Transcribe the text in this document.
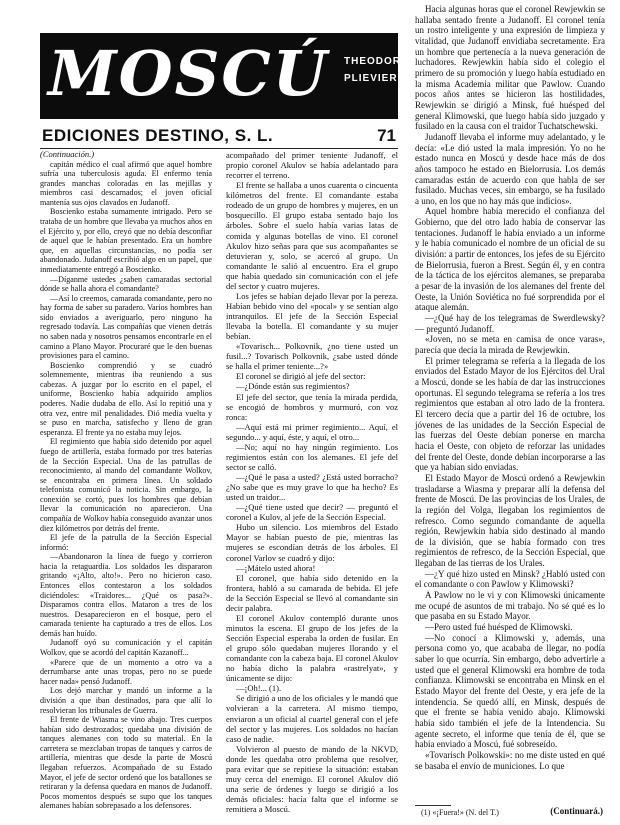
MOSCÚ THEODOR
PLIEVIER
EDICIONES DESTINO, S. L.	71

(Continuación.)

capitán médico el cual afirmó que aquel hombre sufría una tuberculosis aguda. El enfermo tenía grandes manchas coloradas en las mejillas y miembros casi descarnados; el joven oficial mantenía sus ojos clavados en Judanoff.

Boscienko estaba sumamente intrigado. Pero se trataba de un hombre que llevaba ya muchos años en el Ejército y, por ello, creyó que no debía desconfiar de aquel que le habían presentado. Era un hombre que, en aquellas circunstancias, no podía ser abandonado. Judanoff escribió algo en un papel, que inmediatamente entregó a Boscienko.

—Díganme ustedes ¿saben camaradas sectorial dónde se halla ahora el comandante?

—Así lo creemos, camarada comandante, pero no hay forma de saber su paradero. Varios hombres han sido enviados a averiguarlo, pero ninguno ha regresado todavía. Las compañías que vienen detrás no saben nada y nosotros pensamos encontrarle en el camino a Plano Mayor. Procuraré que le den buenas provisiones para el camino.

Boscienko comprendió y se cuadró solemnemente, mientras iba reuniendo a sus cabezas. A juzgar por lo escrito en el papel, el uniforme, Boscienko había adquirido amplios poderes. Nadie dudaba de ello. Así lo repitió una y otra vez, entre mil penalidades. Dió media vuelta y se puso en marcha, satisfecho y lleno de gran esperanza. El frente ya no estaba muy lejos.

El regimiento que había sido detenido por aquel fuego de artillería, estaba formado por tres baterías de la Sección Especial. Una de las patrullas de reconocimiento, al mando del comandante Wolkov, se encontraba en primera línea. Un soldado telefonista comunicó la noticia. Sin embargo, la conexión se cortó, pues los hombres que debían llevar la comunicación no aparecieron. Una compañía de Wolkov había conseguido avanzar unos diez kilómetros por detrás del frente.

El jefe de la patrulla de la Sección Especial informó:

—Abandonaron la línea de fuego y corrieron hacia la retaguardia. Los soldados les dispararon gritando «¡Alto, alto!». Pero no hicieron caso. Entonces ellos contestaron a los soldados diciéndoles: «Traidores... ¿Qué os pasa?». Disparamos contra ellos. Mataron a tres de los nuestros. Desaparecieron en el bosque, pero el camarada teniente ha capturado a tres de ellos. Los demás han huído.

Judanoff oyó su comunicación y el capitán Wolkov, que se acordó del capitán Kazanoff...

«Parece que de un momento a otro va a derrumbarse ante unas tropas, pero no se puede hacer nada» pensó Judanoff.

Los dejó marchar y mandó un informe a la división a que iban destinados, para que allí lo resolvieran los tribunales de Guerra.

El frente de Wiasma se vino abajo. Tres cuerpos habían sido destrozados; quedaba una división de tanques alemanes con todo su material. En la carretera se mezclaban tropas de tanques y carros de artillería, mientras que desde la parte de Moscú llegaban refuerzos. Acompañado de su Estado Mayor, el jefe de sector ordenó que los batallones se retiraran y la defensa quedara en manos de Judanoff. Pocos momentos después se supo que los tanques alemanes habían sobrepasado a los defensores.

acompañado del primer teniente Judanoff, el propio coronel Akulov se había adelantado para recorrer el terreno.

El frente se hallaba a unos cuarenta o cincuenta kilómetros del frente. El comandante estaba rodeado de un grupo de hombres y mujeres, en un bosquecillo. El grupo estaba sentado bajo los árboles. Sobre el suelo había varias latas de comida y algunas botellas de vino. El coronel Akulov hizo señas para que sus acompañantes se detuvieran y, solo, se acercó al grupo. Un comandante le salió al encuentro. Era el grupo que había quedado sin comunicación con el jefe del sector y cuatro mujeres.

Los jefes se habían dejado llevar por la pereza. Habían bebido vino del «pocal» y se sentían algo intranquilos. El jefe de la Sección Especial llevaba la botella. El comandante y su mujer bebían.

«Tovarisch... Polkovnik, ¿no tiene usted un fusil...? Tovarisch Polkovnik, ¿sabe usted dónde se halla el primer teniente...?»

El coronel se dirigió al jefe del sector:

—¿Dónde están sus regimientos?

El jefe del sector, que tenía la mirada perdida, se encogió de hombros y murmuró, con voz ronca:

—Aquí está mi primer regimiento... Aquí, el segundo... y aquí, éste, y aquí, el otro...

—No; aquí no hay ningún regimiento. Los regimientos están con los alemanes. El jefe del sector se calló.

—¿Qué le pasa a usted? ¿Está usted borracho? ¿No sabe que es muy grave lo que ha hecho? Es usted un traidor...

—¿Qué tiene usted que decir? — preguntó el coronel a Kulov, al jefe de la Sección Especial.

Hubo un silencio. Los miembros del Estado Mayor se habían puesto de pie, mientras las mujeres se escondían detrás de los árboles. El coronel Varlov se cuadró y dijo:

—¡Mátelo usted ahora!

El coronel, que había sido detenido en la frontera, habló a su camarada de bebida. El jefe de la Sección Especial se llevó al comandante sin decir palabra.

El coronel Akulov contempló durante unos minutos la escena. El grupo de los jefes de la Sección Especial esperaba la orden de fusilar. En el grupo sólo quedaban mujeres llorando y el comandante con la cabeza baja. El coronel Akulov no había dicho la palabra «rastrelyat», y únicamente se dijo:

—¡Oh!... (1).

Se dirigió a uno de los oficiales y le mandó que volvieran a la carretera. Al mismo tiempo, enviaron a un oficial al cuartel general con el jefe del sector y las mujeres. Los soldados no hacían caso de nadie.

Volvieron al puesto de mando de la NKVD, donde les quedaba otro problema que resolver, para evitar que se repitiese la situación: estaban muy cerca del enemigo. El coronel Akulov dió una serie de órdenes y luego se dirigió a los demás oficiales: hacía falta que el informe se remitiera a Moscú.

Hacia algunas horas que el coronel Rewjewkin se hallaba sentado frente a Judanoff. El coronel tenía un rostro inteligente y una expresión de limpieza y vitalidad, que Judanoff envidiaba secretamente. Era un hombre que pertenecía a la nueva generación de luchadores. Rewjewkin había sido el colegio el primero de su promoción y luego había estudiado en la misma Academia militar que Pawlow. Cuando pocos años antes se hicieron las hostilidades, Rewjewkin se dirigió a Minsk, fué huésped del general Klimowski, que luego había sido juzgado y fusilado en la causa con el traidor Tuchatschewski.

Judanoff llevaba el informe muy adelantado, y le decía: «Le dió usted la mala impresión. Yo no he estado nunca en Moscú y desde hace más de dos años tampoco he estado en Bielorrusia. Los demás camaradas están de acuerdo con que habla de ser fusilado. Muchas veces, sin embargo, se ha fusilado a uno, en los que no hay más que indicios».

Aquel hombre había merecido el confianza del Gobierno, que del otro lado había de conservar las tentaciones. Judanoff le había enviado a un informe y le había comunicado el nombre de un oficial de su división: a partir de entonces, los jefes de su Ejército de Bielorrusia, fueron a Brest. Según él, y en contra de la táctica de los ejércitos alemanes, se preparaba a pesar de la invasión de los alemanes del frente del Oeste, la Unión Soviética no fué sorprendida por el ataque alemán.

—¿Qué hay de los telegramas de Swerdlewsky? — preguntó Judanoff.

«Joven, no se meta en camisa de once varas», parecía que decía la mirada de Rewjewkin.

El primer telegrama se refería a la llegada de los enviados del Estado Mayor de los Ejércitos del Ural a Moscú, donde se les había de dar las instrucciones oportunas. El segundo telegrama se refería a los tres regimientos que estaban al otro lado de la frontera. El tercero decía que a partir del 16 de octubre, los jóvenes de las unidades de la Sección Especial de las fuerzas del Oeste debían ponerse en marcha hacia el Oeste, con objeto de reforzar las unidades del frente del Oeste, donde debían incorporarse a las que ya habían sido enviadas.

El Estado Mayor de Moscú ordenó a Rewjewkin trasladarse a Wiasma y preparar allí la defensa del frente de Moscú. De las provincias de los Urales, de la región del Volga, llegaban los regimientos de refresco. Como segundo comandante de aquella región, Rewjewkin había sido destinado al mando de la división, que se había formado con tres regimientos de refresco, de la Sección Especial, que llegaban de las tierras de los Urales.

—¿Y qué hizo usted en Minsk? ¿Habló usted con el comandante o con Pawlow y Klimowski?

A Pawlow no le vi y con Klimowski únicamente me ocupé de asuntos de mi trabajo. No sé qué es lo que pasaba en su Estado Mayor.

—Pero usted fué huésped de Klimowski.

—No conocí a Klimowski y, además, una persona como yo, que acababa de llegar, no podía saber lo que ocurría. Sin embargo, debo advertirle a usted que el general Klimowski era hombre de toda confianza. Klimowski se encontraba en Minsk en el Estado Mayor del frente del Oeste, y era jefe de la intendencia. Se quedó allí, en Minsk, después de que el frente se había venido abajo. Klimowski había sido también el jefe de la Intendencia. Su agente secreto, el informe que tenía de él, que se había enviado a Moscú, fué sobreseído.

«Tovarisch Polkowski»: no me diste usted en qué se basaba el envío de municiones. Lo que

(1) «¡Fuera!» (N. del T.)	(Continuará.)
